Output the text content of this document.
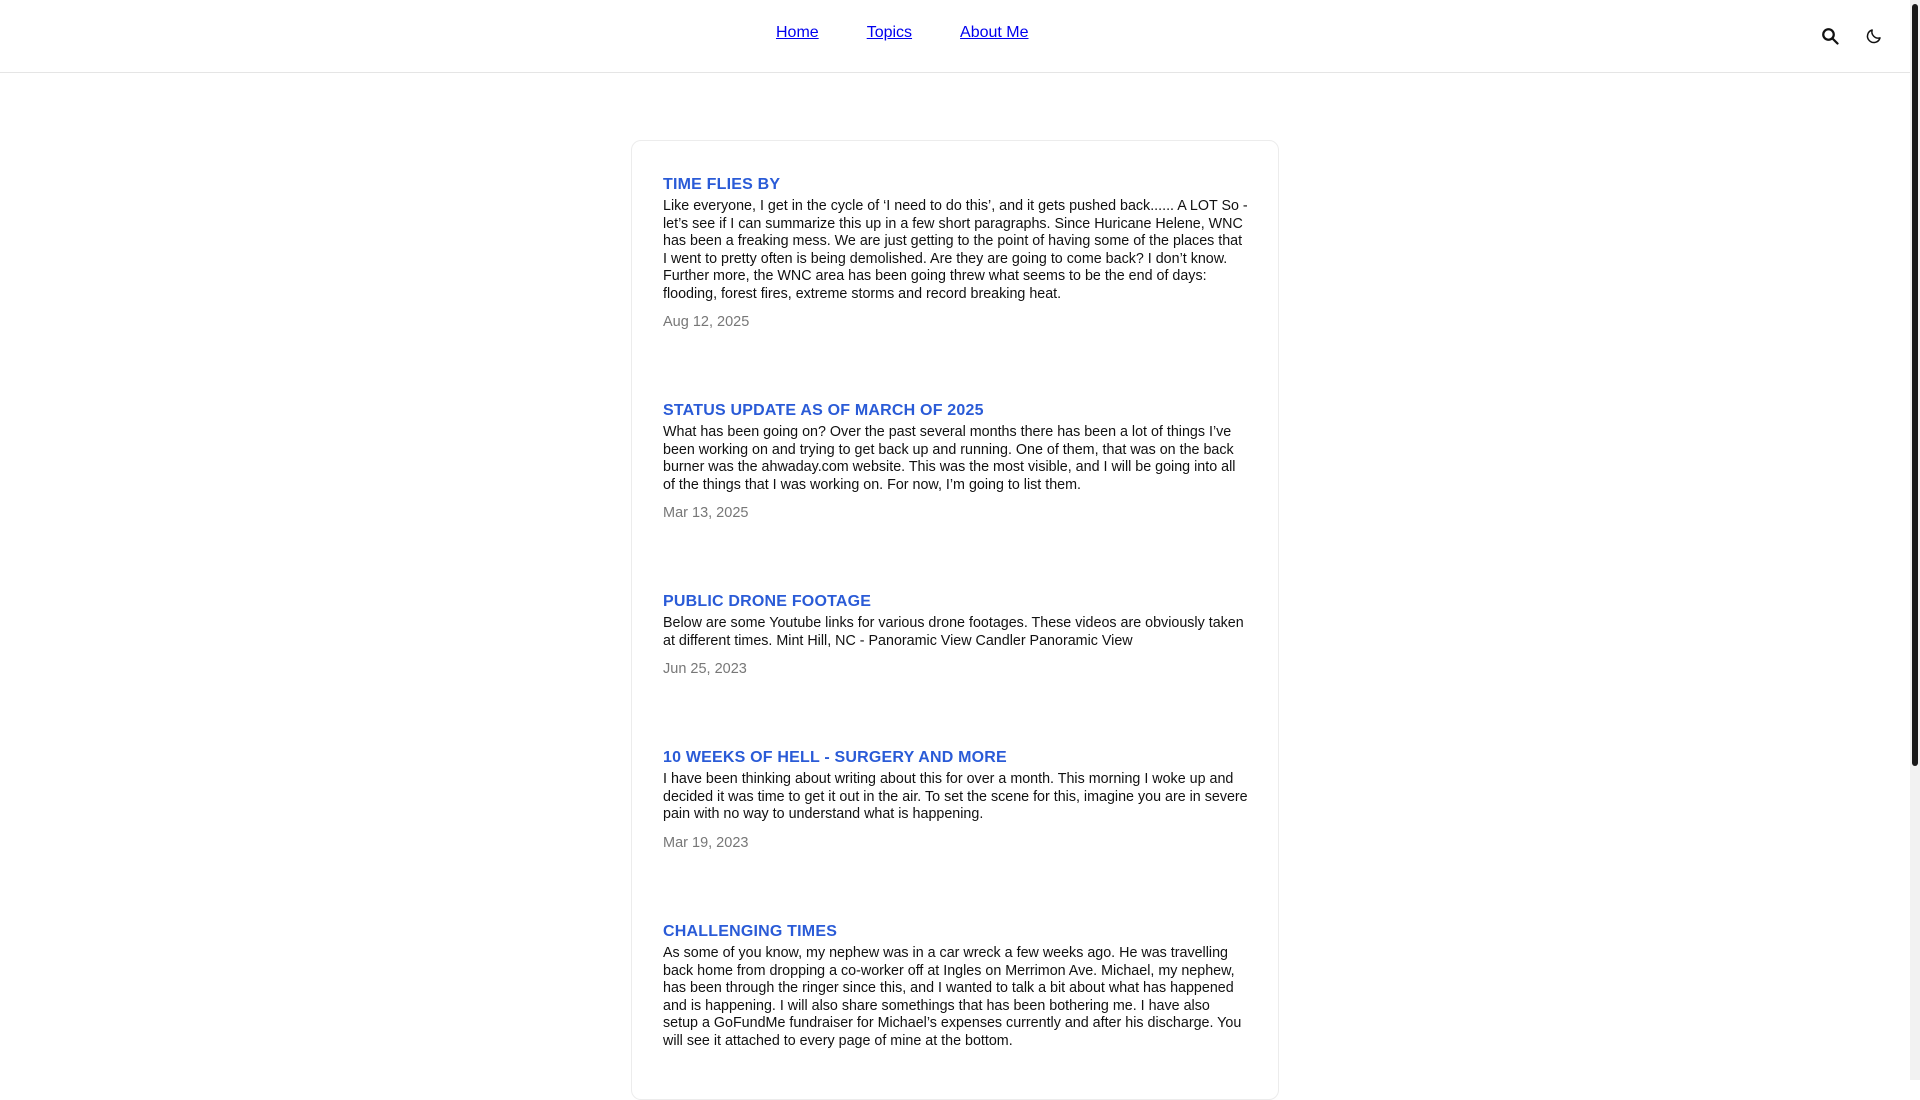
Home	Topics	About Me
TIME FLIES BY

Like everyone, I get in the cycle of ‘I need to do this’, and it gets pushed back...... A LOT So - let’s see if I can summarize this up in a few short paragraphs. Since Huricane Helene, WNC has been a freaking mess. We are just getting to the point of having some of the places that I went to pretty often is being demolished. Are they are going to come back? I don’t know. Further more, the WNC area has been going threw what seems to be the end of days: flooding, forest fires, extreme storms and record breaking heat.

Aug 12, 2025
STATUS UPDATE AS OF MARCH OF 2025

What has been going on? Over the past several months there has been a lot of things I’ve been working on and trying to get back up and running. One of them, that was on the back burner was the ahwaday.com website. This was the most visible, and I will be going into all of the things that I was working on. For now, I’m going to list them.

Mar 13, 2025
PUBLIC DRONE FOOTAGE

Below are some Youtube links for various drone footages. These videos are obviously taken at different times. Mint Hill, NC - Panoramic View Candler Panoramic View

Jun 25, 2023
10 WEEKS OF HELL - SURGERY AND MORE

I have been thinking about writing about this for over a month. This morning I woke up and decided it was time to get it out in the air. To set the scene for this, imagine you are in severe pain with no way to understand what is happening.

Mar 19, 2023
CHALLENGING TIMES

As some of you know, my nephew was in a car wreck a few weeks ago. He was travelling back home from dropping a co-worker off at Ingles on Merrimon Ave. Michael, my nephew, has been through the ringer since this, and I wanted to talk a bit about what has happened and is happening. I will also share somethings that has been bothering me. I have also setup a GoFundMe fundraiser for Michael’s expenses currently and after his discharge. You will see it attached to every page of mine at the bottom.
